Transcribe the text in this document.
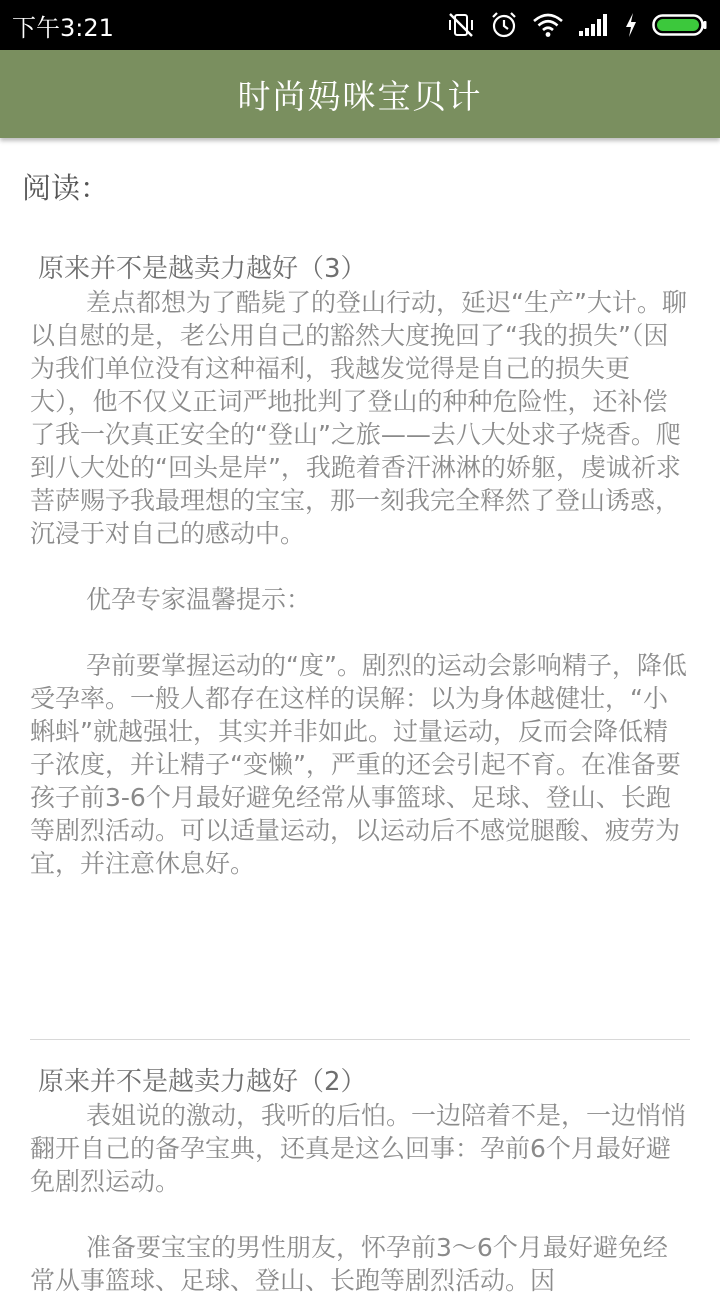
下午3:21
时尚妈咪宝贝计
阅读：
原来并不是越卖力越好（3）

差点都想为了酷毙了的登山行动，延迟“生产”大计。聊以自慰的是，老公用自己的豁然大度挽回了“我的损失”（因为我们单位没有这种福利，我越发觉得是自己的损失更大），他不仅义正词严地批判了登山的种种危险性，还补偿了我一次真正安全的“登山”之旅——去八大处求子烧香。爬到八大处的“回头是岸”，我跪着香汗淋淋的娇躯，虔诚祈求菩萨赐予我最理想的宝宝，那一刻我完全释然了登山诱惑，沉浸于对自己的感动中。

优孕专家温馨提示：

孕前要掌握运动的“度”。剧烈的运动会影响精子，降低受孕率。一般人都存在这样的误解：以为身体越健壮，“小蝌蚪”就越强壮，其实并非如此。过量运动，反而会降低精子浓度，并让精子“变懒”，严重的还会引起不育。在准备要孩子前3-6个月最好避免经常从事篮球、足球、登山、长跑等剧烈活动。可以适量运动，以运动后不感觉腿酸、疲劳为宜，并注意休息好。

原来并不是越卖力越好（2）

表姐说的激动，我听的后怕。一边陪着不是，一边悄悄翻开自己的备孕宝典，还真是这么回事：孕前6个月最好避免剧烈运动。

准备要宝宝的男性朋友，怀孕前3～6个月最好避免经常从事篮球、足球、登山、长跑等剧烈活动。因
